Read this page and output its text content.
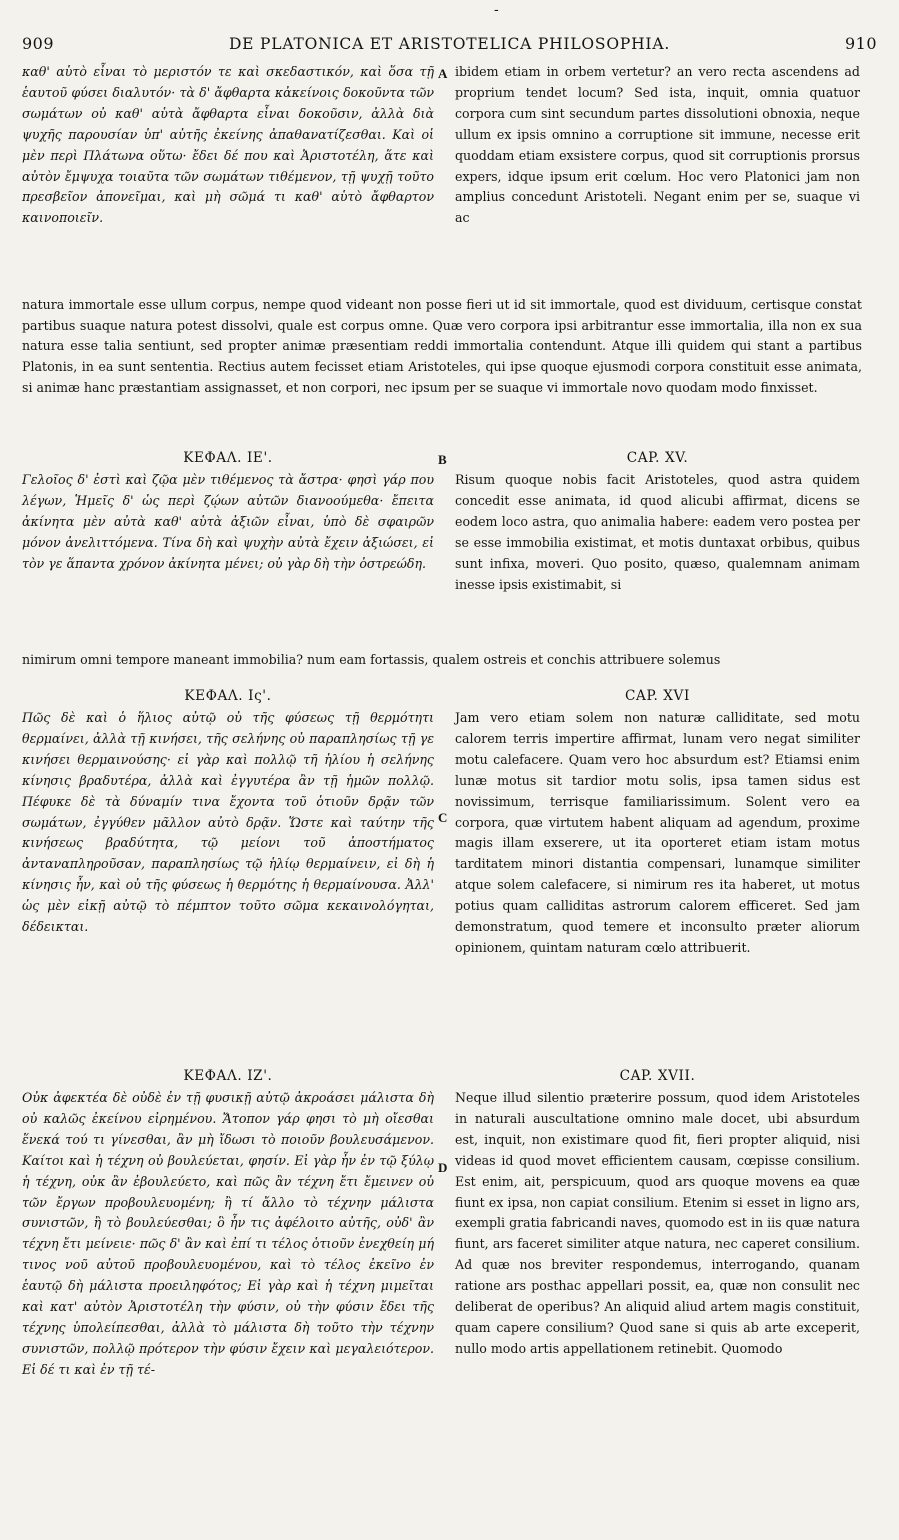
-
909	DE PLATONICA ET ARISTOTELICA PHILOSOPHIA.	910

καθ' αὑτὸ εἶναι τὸ μεριστόν τε καὶ σκεδαστικόν, καὶ ὅσα τῇ ἑαυτοῦ φύσει διαλυτόν· τὰ δ' ἄφθαρτα κἀκείνοις δοκοῦντα τῶν σωμάτων οὐ καθ' αὑτὰ ἄφθαρτα εἶναι δοκοῦσιν, ἀλλὰ διὰ ψυχῆς παρουσίαν ὑπ' αὐτῆς ἐκείνης ἀπαθανατίζεσθαι. Καὶ οἱ μὲν περὶ Πλάτωνα οὕτω· ἔδει δέ που καὶ Ἀριστοτέλη, ἅτε καὶ αὐτὸν ἔμψυχα τοιαῦτα τῶν σωμάτων τιθέμενον, τῇ ψυχῇ τοῦτο πρεσβεῖον ἀπονεῖμαι, καὶ μὴ σῶμά τι καθ' αὑτὸ ἄφθαρτον καινοποιεῖν.

A ibidem etiam in orbem vertetur? an vero recta ascendens ad proprium tendet locum? Sed ista, inquit, omnia quatuor corpora cum sint secundum partes dissolutioni obnoxia, neque ullum ex ipsis omnino a corruptione sit immune, necesse erit quoddam etiam exsistere corpus, quod sit corruptionis prorsus expers, idque ipsum erit cœlum. Hoc vero Platonici jam non amplius concedunt Aristoteli. Negant enim per se, suaque vi ac

natura immortale esse ullum corpus, nempe quod videant non posse fieri ut id sit immortale, quod est dividuum, certisque constat partibus suaque natura potest dissolvi, quale est corpus omne. Quæ vero corpora ipsi arbitrantur esse immortalia, illa non ex sua natura esse talia sentiunt, sed propter animæ præsentiam reddi immortalia contendunt. Atque illi quidem qui stant a partibus Platonis, in ea sunt sententia. Rectius autem fecisset etiam Aristoteles, qui ipse quoque ejusmodi corpora constituit esse animata, si animæ hanc præstantiam assignasset, et non corpori, nec ipsum per se suaque vi immortale novo quodam modo finxisset.

ΚΕΦΑΛ. ΙΕ'.

Γελοῖος δ' ἐστὶ καὶ ζῷα μὲν τιθέμενος τὰ ἄστρα· φησὶ γάρ που λέγων, Ἡμεῖς δ' ὡς περὶ ζῴων αὐτῶν διανοούμεθα· ἔπειτα ἀκίνητα μὲν αὐτὰ καθ' αὑτὰ ἀξιῶν εἶναι, ὑπὸ δὲ σφαιρῶν μόνον ἀνελιττόμενα. Τίνα δὴ καὶ ψυχὴν αὐτὰ ἔχειν ἀξιώσει, εἰ τὸν γε ἅπαντα χρόνον ἀκίνητα μένει; οὐ γὰρ δὴ τὴν ὀστρεώδη.

B	CAP. XV.

Risum quoque nobis facit Aristoteles, quod astra quidem concedit esse animata, id quod alicubi affirmat, dicens se eodem loco astra, quo animalia habere: eadem vero postea per se esse immobilia existimat, et motis duntaxat orbibus, quibus sunt infixa, moveri. Quo posito, quæso, qualemnam animam inesse ipsis existimabit, si

nimirum omni tempore maneant immobilia? num eam fortassis, qualem ostreis et conchis attribuere solemus

ΚΕΦΑΛ. Ις'.

Πῶς δὲ καὶ ὁ ἥλιος αὐτῷ οὐ τῆς φύσεως τῇ θερμότητι θερμαίνει, ἀλλὰ τῇ κινήσει, τῆς σελήνης οὐ παραπλησίως τῇ γε κινήσει θερμαινούσης· εἰ γὰρ καὶ πολλῷ τῆ ἡλίου ἡ σελήνης κίνησις βραδυτέρα, ἀλλὰ καὶ ἐγγυτέρα ἂν τῇ ἡμῶν πολλῷ. Πέφυκε δὲ τὰ δύναμίν τινα ἔχοντα τοῦ ὁτιοῦν δρᾷν τῶν σωμάτων, ἐγγύθεν μᾶλλον αὐτὸ δρᾷν. Ὥστε καὶ ταύτην τῆς κινήσεως βραδύτητα, τῷ μείονι τοῦ ἀποστήματος ἀνταναπληροῦσαν, παραπλησίως τῷ ἡλίῳ θερμαίνειν, εἰ δὴ ἡ κίνησις ἦν, καὶ οὐ τῆς φύσεως ἡ θερμότης ἡ θερμαίνουσα. Ἀλλ' ὡς μὲν εἰκῇ αὐτῷ τὸ πέμπτον τοῦτο σῶμα κεκαινολόγηται, δέδεικται.

C
CAP. XVI

Jam vero etiam solem non naturæ calliditate, sed motu calorem terris impertire affirmat, lunam vero negat similiter motu calefacere. Quam vero hoc absurdum est? Etiamsi enim lunæ motus sit tardior motu solis, ipsa tamen sidus est novissimum, terrisque familiarissimum. Solent vero ea corpora, quæ virtutem habent aliquam ad agendum, proxime magis illam exserere, ut ita oporteret etiam istam motus tarditatem minori distantia compensari, lunamque similiter atque solem calefacere, si nimirum res ita haberet, ut motus potius quam calliditas astrorum calorem efficeret. Sed jam demonstratum, quod temere et inconsulto præter aliorum opinionem, quintam naturam cœlo attribuerit.

ΚΕΦΑΛ. ΙΖ'.

Οὐκ ἀφεκτέα δὲ οὐδὲ ἐν τῇ φυσικῇ αὐτῷ ἀκροάσει μάλιστα δὴ οὐ καλῶς ἐκείνου εἰρημένου. Ἄτοπον γάρ φησι τὸ μὴ οἴεσθαι ἕνεκά τού τι γίνεσθαι, ἂν μὴ ἴδωσι τὸ ποιοῦν βουλευσάμενον. Καίτοι καὶ ἡ τέχνη οὐ βουλεύεται, φησίν. Εἰ γὰρ ἦν ἐν τῷ ξύλῳ ἡ τέχνη, οὐκ ἂν ἐβουλεύετο, καὶ πῶς ἂν τέχνη ἔτι ἔμεινεν οὐ τῶν ἔργων προβουλευομένη; ἢ τί ἄλλο τὸ τέχνην μάλιστα συνιστῶν, ἢ τὸ βουλεύεσθαι; ὃ ἦν τις ἀφέλοιτο αὐτῆς, οὐδ' ἂν τέχνη ἔτι μείνειε· πῶς δ' ἂν καὶ ἐπί τι τέλος ὁτιοῦν ἐνεχθείη μή τινος νοῦ αὐτοῦ προβουλευομένου, καὶ τὸ τέλος ἐκεῖνο ἐν ἑαυτῷ δὴ μάλιστα προειληφότος; Εἰ γὰρ καὶ ἡ τέχνη μιμεῖται καὶ κατ' αὐτὸν Ἀριστοτέλη τὴν φύσιν, οὐ τὴν φύσιν ἔδει τῆς τέχνης ὑπολείπεσθαι, ἀλλὰ τὸ μάλιστα δὴ τοῦτο τὴν τέχνην συνιστῶν, πολλῷ πρότερον τὴν φύσιν ἔχειν καὶ μεγαλειότερον. Εἰ δέ τι καὶ ἐν τῇ τέ-

D
CAP. XVII.

Neque illud silentio præterire possum, quod idem Aristoteles in naturali auscultatione omnino male docet, ubi absurdum est, inquit, non existimare quod fit, fieri propter aliquid, nisi videas id quod movet efficientem causam, cœpisse consilium. Est enim, ait, perspicuum, quod ars quoque movens ea quæ fiunt ex ipsa, non capiat consilium. Etenim si esset in ligno ars, exempli gratia fabricandi naves, quomodo est in iis quæ natura fiunt, ars faceret similiter atque natura, nec caperet consilium. Ad quæ nos breviter respondemus, interrogando, quanam ratione ars posthac appellari possit, ea, quæ non consulit nec deliberat de operibus? An aliquid aliud artem magis constituit, quam capere consilium? Quod sane si quis ab arte exceperit, nullo modo artis appellationem retinebit. Quomodo
